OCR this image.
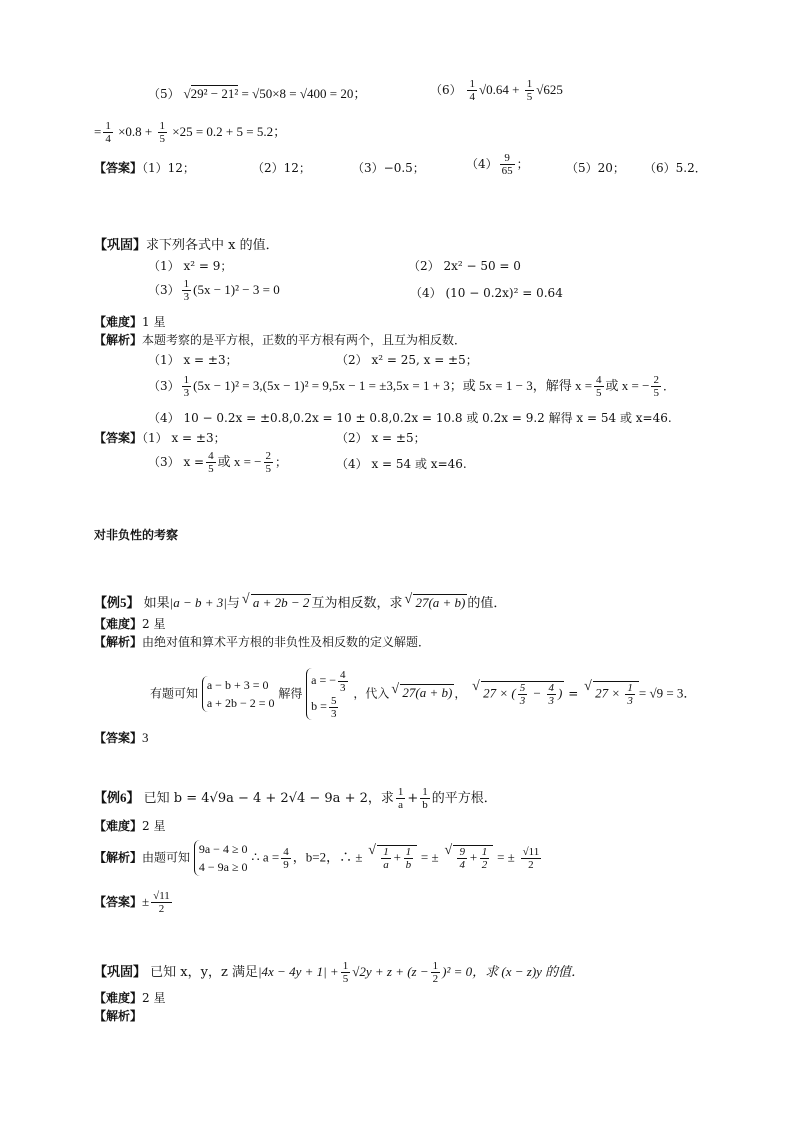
（5） √29² − 21² = √50×8 = √400 = 20；	$(6) \frac{1}{4} √0.64 + \frac{1}{5} √625$
= $\frac{1}{4} \times 0.8 + \frac{1}{5} \times 25 = 0.2 + 5 = 5.2$；
【答案】（1）12；	（2）12；	（3）−0.5；	$(4) \frac{9}{65}$ ；	（5）20； （6）5.2．
【巩固】求下列各式中 x 的值．
（1） x² = 9；	（2） 2x² − 50 = 0
$(3) \frac{1}{3} (5x - 1)^2 - 3 = 0$	（4） (10 − 0.2x)² = 0.64
【难度】1 星
【解析】本题考察的是平方根，正数的平方根有两个，且互为相反数．
（1） x = ±3；	（2） x² = 25, x = ±5；
$(3) \frac{1}{3} (5x - 1)^2 = 3,(5x - 1)^2 = 9,5x - 1 = \pm 3,5x = 1 + 3$；或 5x = 1 − 3，解得 $x = \frac{4}{5}$ 或 x = − $\frac{2}{5}$ ．
（4） 10 − 0.2x = ±0.8,0.2x = 10 ± 0.8,0.2x = 10.8 或 0.2x = 9.2 解得 x = 54 或 x=46.
【答案】（1） x = ±3；	（2） x = ±5；
（3） $x = \frac{4}{5}$ 或 x = − $\frac{2}{5}$ ；	（4） x = 54 或 x=46.
对非负性的考察
【例5】 如果|a − b + 3|与 √ a + 2b − 2 互为相反数，求 √ 27(a + b) 的值．
【难度】2 星
【解析】由绝对值和算术平方根的非负性及相反数的定义解题．
有题可知 a − b + 3 = 0
a + 2b − 2 = 0 解得 a = − $\frac{4}{3}$

$b = \frac{5}{3}$
，代入 √ 27(a + b) ， √ 27 × ( $\frac{5}{3} - \frac{4}{3}$ ) = √ $27 \times \frac{1}{3} = √9 = 3$．
【答案】3
【例6】 已知 b = 4√9a − 4 + 2√4 − 9a + 2，求 $\frac{1}{a} + \frac{1}{b}$ 的平方根．
【难度】2 星
【解析】由题可知 9a − 4 ≥ 0
4 − 9a ≥ 0 ∴ $a = \frac{4}{9}$ ，b=2，∴ ± √ $\frac{1}{a} + \frac{1}{b}$ = ± √ $\frac{9}{4} + \frac{1}{2}$ = ± $\frac{√11}{2}$
【答案】± $\frac{√11}{2}$
【巩固】 已知 x，y，z 满足$|4x - 4y + 1| + \frac{1}{5} √2y + z + (z - \frac{1}{2} )^2 = 0$，求 (x − z)y 的值．
【难度】2 星
【解析】
